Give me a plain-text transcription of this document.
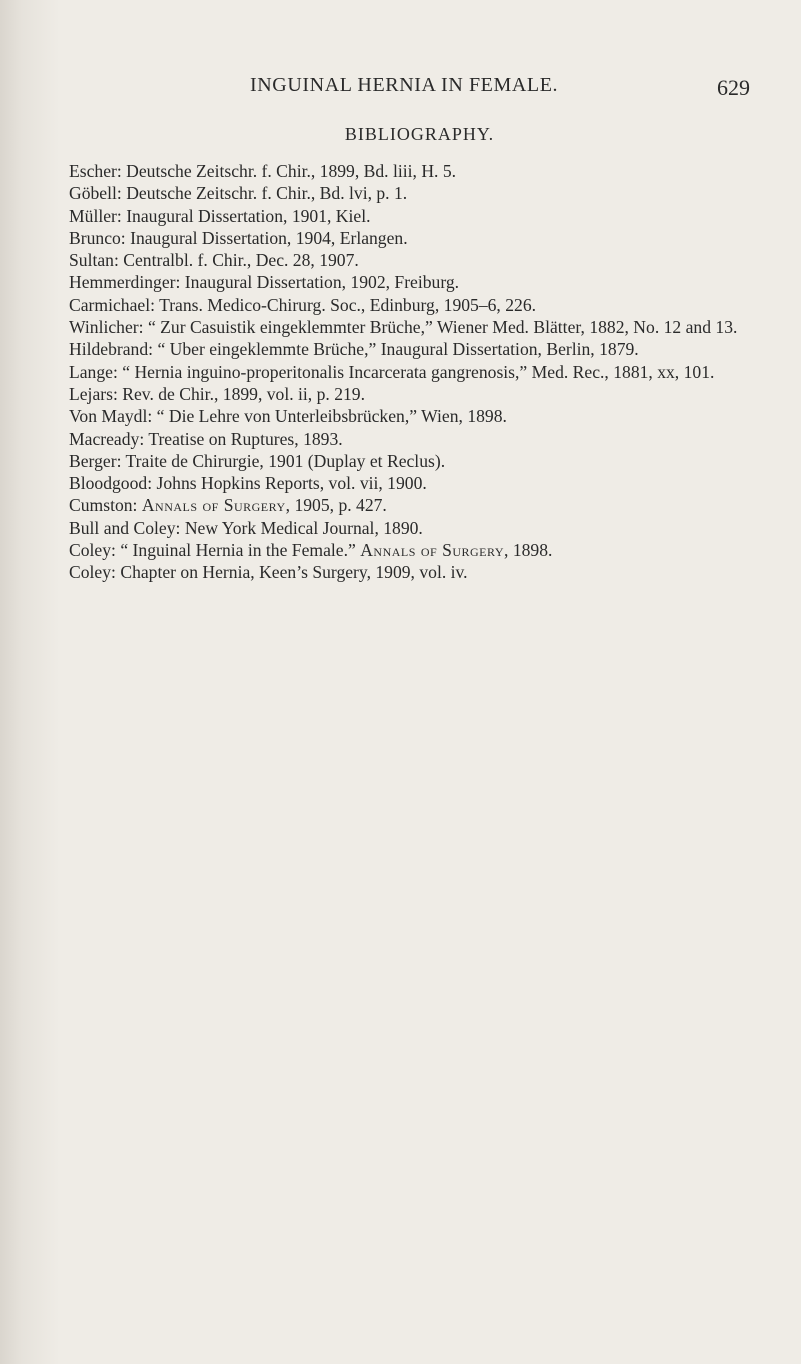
INGUINAL HERNIA IN FEMALE.	629
BIBLIOGRAPHY.
Escher: Deutsche Zeitschr. f. Chir., 1899, Bd. liii, H. 5.
Göbell: Deutsche Zeitschr. f. Chir., Bd. lvi, p. 1.
Müller: Inaugural Dissertation, 1901, Kiel.
Brunco: Inaugural Dissertation, 1904, Erlangen.
Sultan: Centralbl. f. Chir., Dec. 28, 1907.
Hemmerdinger: Inaugural Dissertation, 1902, Freiburg.
Carmichael: Trans. Medico-Chirurg. Soc., Edinburg, 1905–6, 226.
Winlicher: “ Zur Casuistik eingeklemmter Brüche,” Wiener Med. Blätter, 1882, No. 12 and 13.
Hildebrand: “ Uber eingeklemmte Brüche,” Inaugural Dissertation, Berlin, 1879.
Lange: “ Hernia inguino-properitonalis Incarcerata gangrenosis,” Med. Rec., 1881, xx, 101.
Lejars: Rev. de Chir., 1899, vol. ii, p. 219.
Von Maydl: “ Die Lehre von Unterleibsbrücken,” Wien, 1898.
Macready: Treatise on Ruptures, 1893.
Berger: Traite de Chirurgie, 1901 (Duplay et Reclus).
Bloodgood: Johns Hopkins Reports, vol. vii, 1900.
Cumston: Annals of Surgery, 1905, p. 427.
Bull and Coley: New York Medical Journal, 1890.
Coley: “ Inguinal Hernia in the Female.” Annals of Surgery, 1898.
Coley: Chapter on Hernia, Keen’s Surgery, 1909, vol. iv.
